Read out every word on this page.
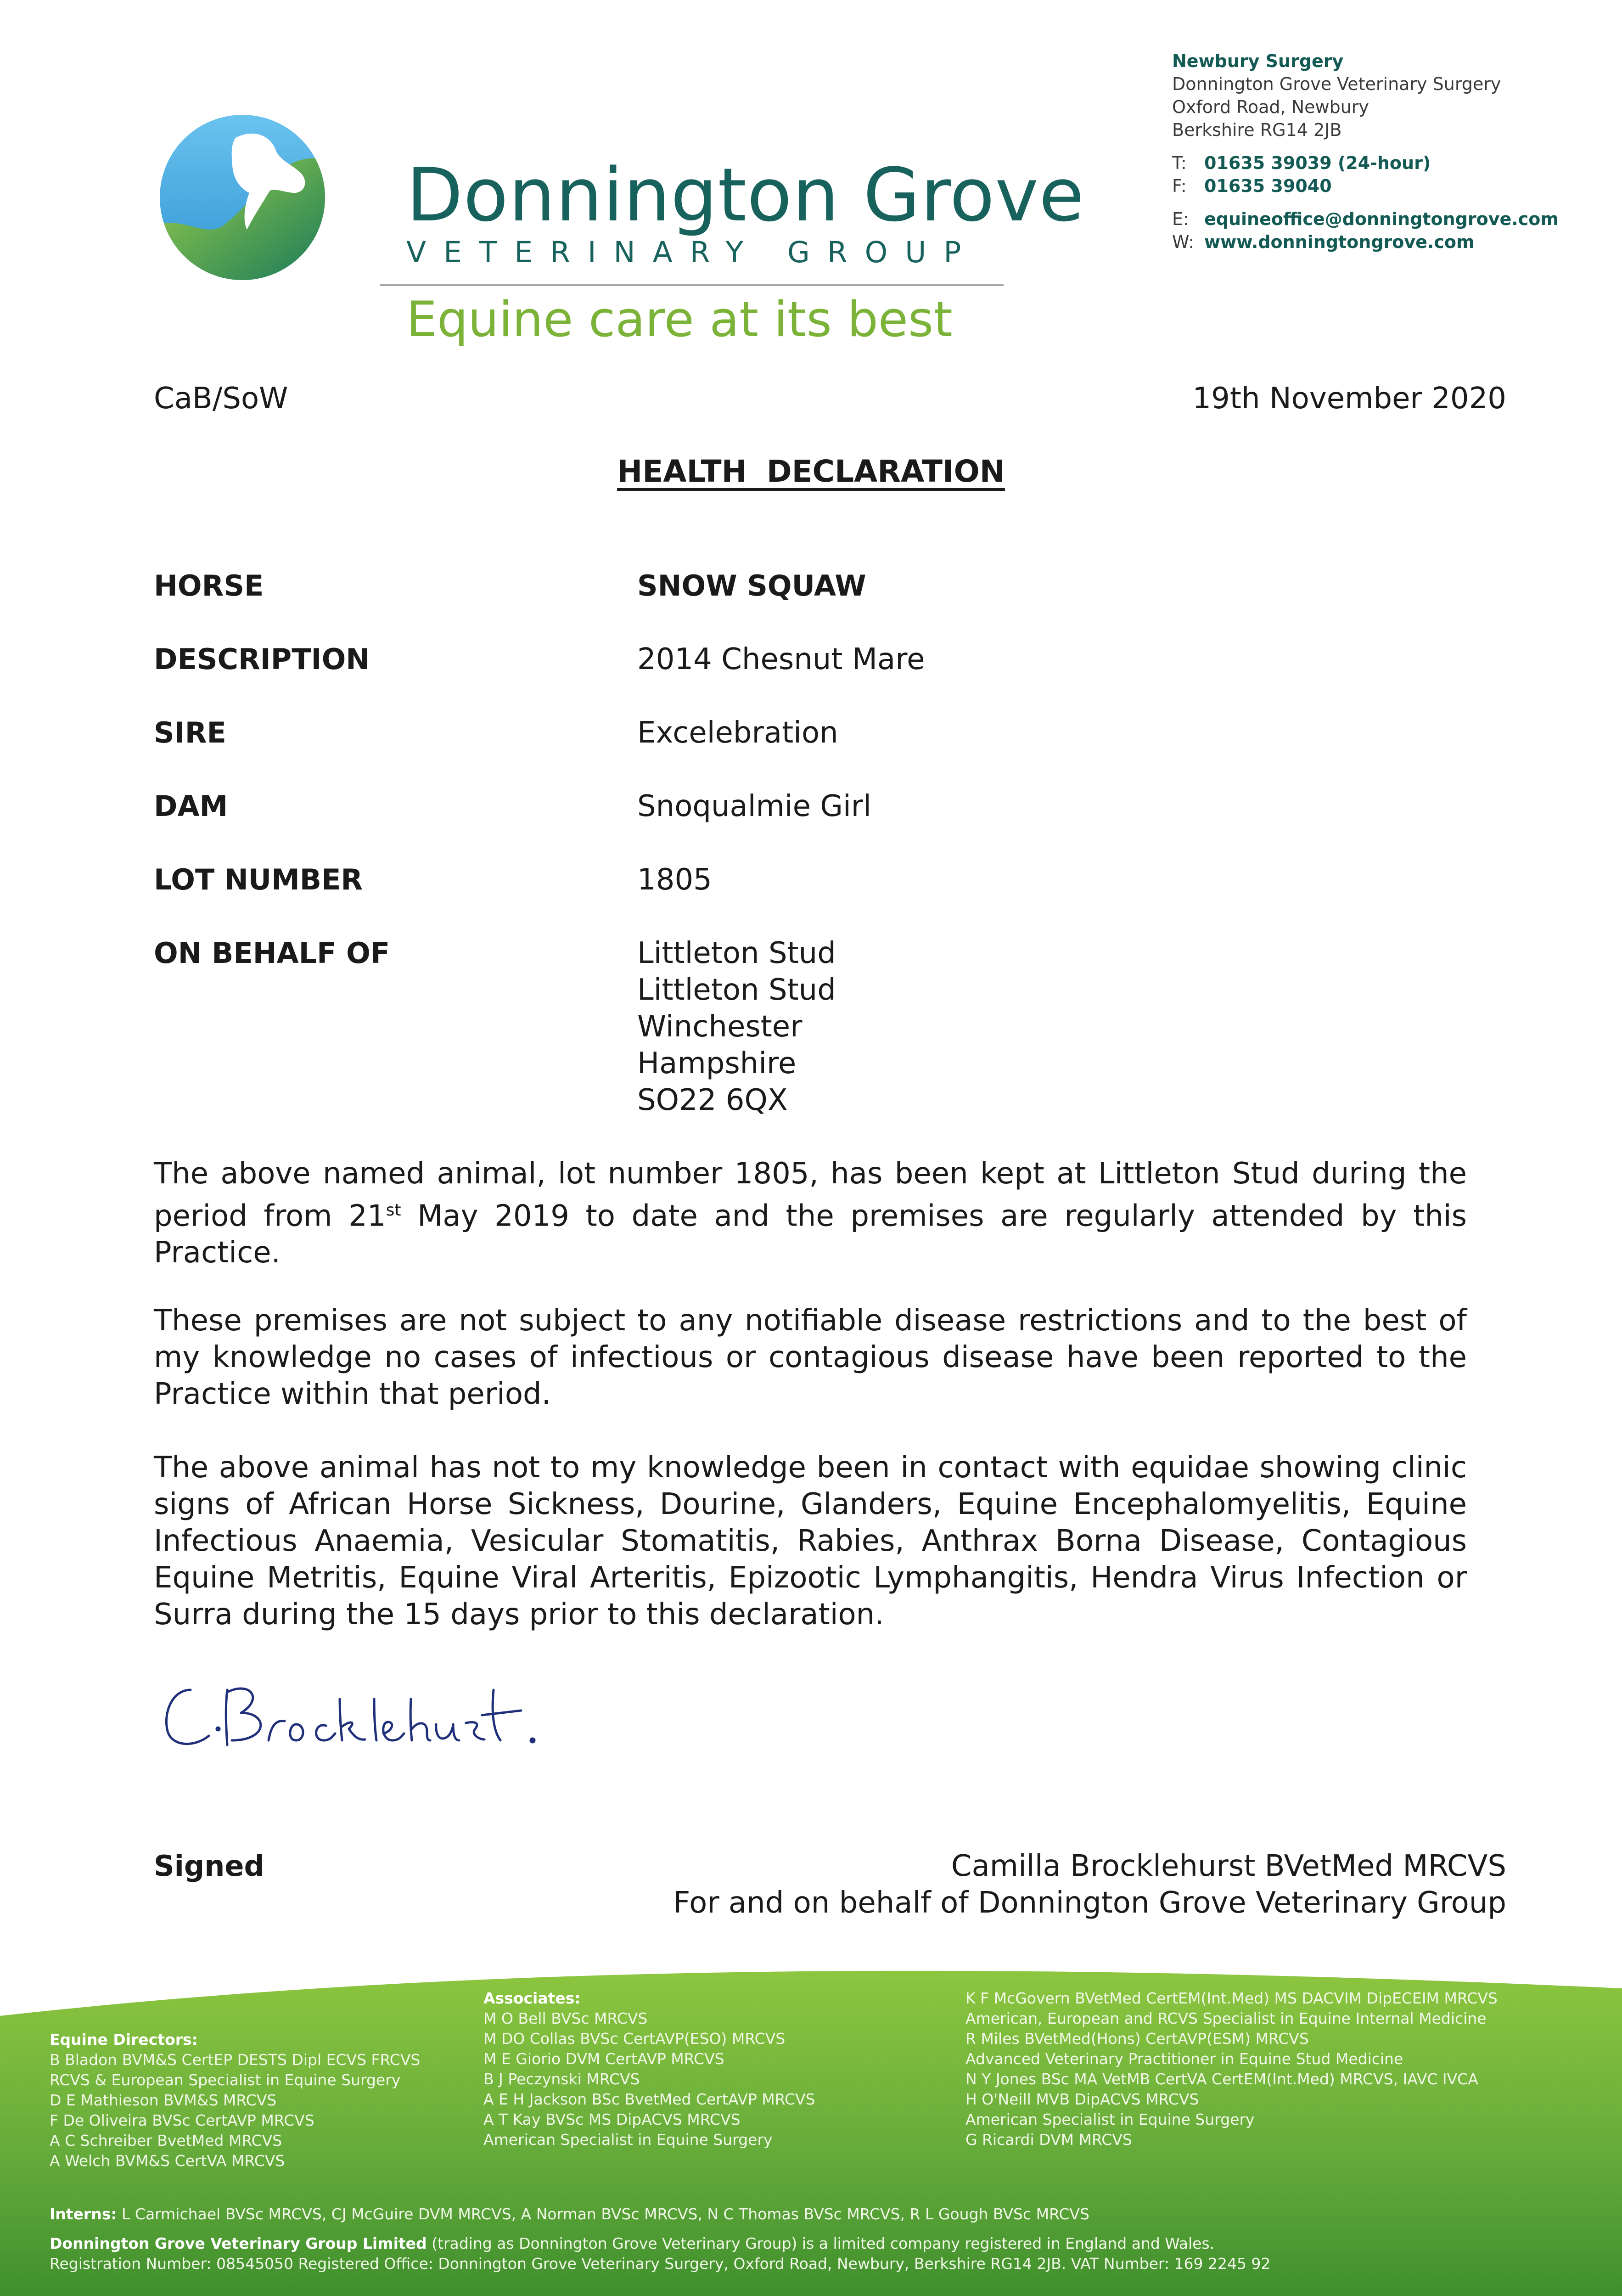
Donnington Grove
VETERINARY GROUP
Equine care at its best
Newbury Surgery
Donnington Grove Veterinary Surgery
Oxford Road, Newbury
Berkshire RG14 2JB
T:	01635 39039 (24-hour)
F:	01635 39040
E: equineoffice@donningtongrove.com
W: www.donningtongrove.com
CaB/SoW	19th November 2020
HEALTH DECLARATION
HORSE	SNOW SQUAW
DESCRIPTION	2014 Chesnut Mare
SIRE	Excelebration
DAM	Snoqualmie Girl
LOT NUMBER	1805
ON BEHALF OF	Littleton Stud
Littleton Stud
Winchester
Hampshire
SO22 6QX
The above named animal, lot number 1805, has been kept at Littleton Stud during the period from 21st May 2019 to date and the premises are regularly attended by this Practice.
These premises are not subject to any notifiable disease restrictions and to the best of my knowledge no cases of infectious or contagious disease have been reported to the Practice within that period.
The above animal has not to my knowledge been in contact with equidae showing clinic signs of African Horse Sickness, Dourine, Glanders, Equine Encephalomyelitis, Equine Infectious Anaemia, Vesicular Stomatitis, Rabies, Anthrax Borna Disease, Contagious Equine Metritis, Equine Viral Arteritis, Epizootic Lymphangitis, Hendra Virus Infection or Surra during the 15 days prior to this declaration.
Signed	Camilla Brocklehurst BVetMed MRCVS
For and on behalf of Donnington Grove Veterinary Group
Equine Directors:
B Bladon BVM&S CertEP DESTS Dipl ECVS FRCVS
RCVS & European Specialist in Equine Surgery
D E Mathieson BVM&S MRCVS
F De Oliveira BVSc CertAVP MRCVS
A C Schreiber BvetMed MRCVS
A Welch BVM&S CertVA MRCVS
Associates:
M O Bell BVSc MRCVS
M DO Collas BVSc CertAVP(ESO) MRCVS
M E Giorio DVM CertAVP MRCVS
B J Peczynski MRCVS
A E H Jackson BSc BvetMed CertAVP MRCVS
A T Kay BVSc MS DipACVS MRCVS
American Specialist in Equine Surgery
K F McGovern BVetMed CertEM(Int.Med) MS DACVIM DipECEIM MRCVS
American, European and RCVS Specialist in Equine Internal Medicine
R Miles BVetMed(Hons) CertAVP(ESM) MRCVS
Advanced Veterinary Practitioner in Equine Stud Medicine
N Y Jones BSc MA VetMB CertVA CertEM(Int.Med) MRCVS, IAVC IVCA
H O'Neill MVB DipACVS MRCVS
American Specialist in Equine Surgery
G Ricardi DVM MRCVS
Interns: L Carmichael BVSc MRCVS, CJ McGuire DVM MRCVS, A Norman BVSc MRCVS, N C Thomas BVSc MRCVS, R L Gough BVSc MRCVS
Donnington Grove Veterinary Group Limited (trading as Donnington Grove Veterinary Group) is a limited company registered in England and Wales.
Registration Number: 08545050 Registered Office: Donnington Grove Veterinary Surgery, Oxford Road, Newbury, Berkshire RG14 2JB. VAT Number: 169 2245 92
